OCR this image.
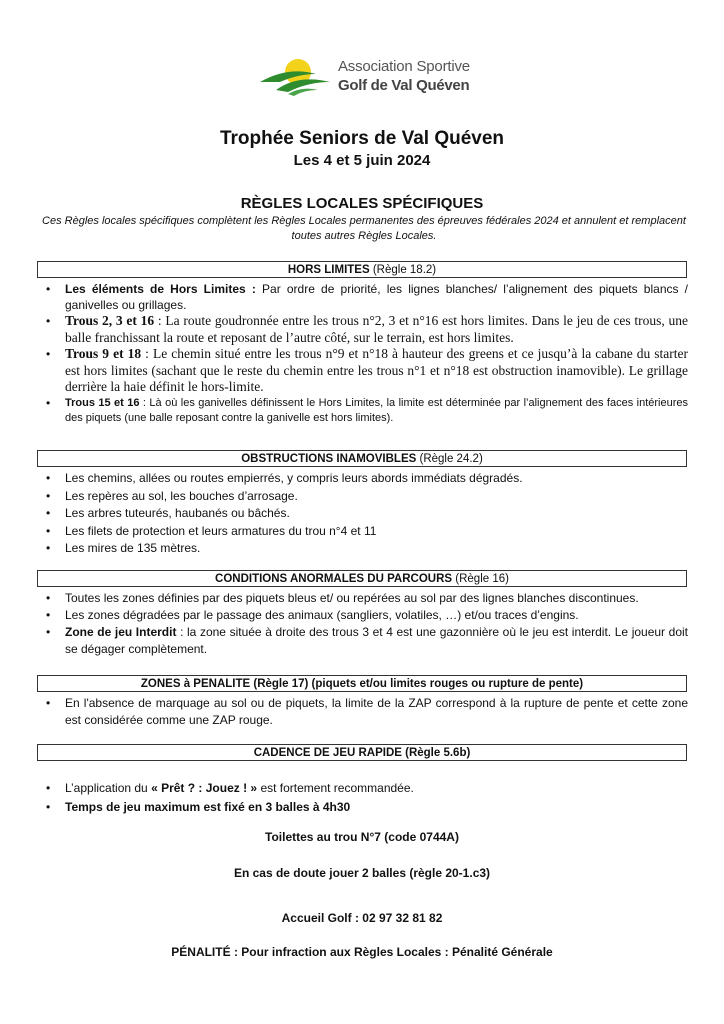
Association Sportive
Golf de Val Quéven
Trophée Seniors de Val Quéven
Les 4 et 5 juin 2024
RÈGLES LOCALES SPÉCIFIQUES
Ces Règles locales spécifiques complètent les Règles Locales permanentes des épreuves fédérales 2024 et annulent et remplacent toutes autres Règles Locales.
HORS LIMITES (Règle 18.2)
• Les éléments de Hors Limites : Par ordre de priorité, les lignes blanches/ l’alignement des piquets blancs / ganivelles ou grillages.
• Trous 2, 3 et 16 : La route goudronnée entre les trous n°2, 3 et n°16 est hors limites. Dans le jeu de ces trous, une balle franchissant la route et reposant de l’autre côté, sur le terrain, est hors limites.
• Trous 9 et 18 : Le chemin situé entre les trous n°9 et n°18 à hauteur des greens et ce jusqu’à la cabane du starter est hors limites (sachant que le reste du chemin entre les trous n°1 et n°18 est obstruction inamovible). Le grillage derrière la haie définit le hors-limite.
• Trous 15 et 16 : Là où les ganivelles définissent le Hors Limites, la limite est déterminée par l’alignement des faces intérieures des piquets (une balle reposant contre la ganivelle est hors limites).
OBSTRUCTIONS INAMOVIBLES (Règle 24.2)
• Les chemins, allées ou routes empierrés, y compris leurs abords immédiats dégradés.
• Les repères au sol, les bouches d’arrosage.
• Les arbres tuteurés, haubanés ou bâchés.
• Les filets de protection et leurs armatures du trou n°4 et 11
• Les mires de 135 mètres.
CONDITIONS ANORMALES DU PARCOURS (Règle 16)
• Toutes les zones définies par des piquets bleus et/ ou repérées au sol par des lignes blanches discontinues.
• Les zones dégradées par le passage des animaux (sangliers, volatiles, …) et/ou traces d’engins.
• Zone de jeu Interdit : la zone située à droite des trous 3 et 4 est une gazonnière où le jeu est interdit. Le joueur doit se dégager complètement.
ZONES à PENALITE (Règle 17) (piquets et/ou limites rouges ou rupture de pente)
• En l'absence de marquage au sol ou de piquets, la limite de la ZAP correspond à la rupture de pente et cette zone est considérée comme une ZAP rouge.
CADENCE DE JEU RAPIDE (Règle 5.6b)
• L’application du « Prêt ? : Jouez ! » est fortement recommandée.
• Temps de jeu maximum est fixé en 3 balles à 4h30
Toilettes au trou N°7 (code 0744A)
En cas de doute jouer 2 balles (règle 20-1.c3)
Accueil Golf : 02 97 32 81 82
PÉNALITÉ : Pour infraction aux Règles Locales : Pénalité Générale
